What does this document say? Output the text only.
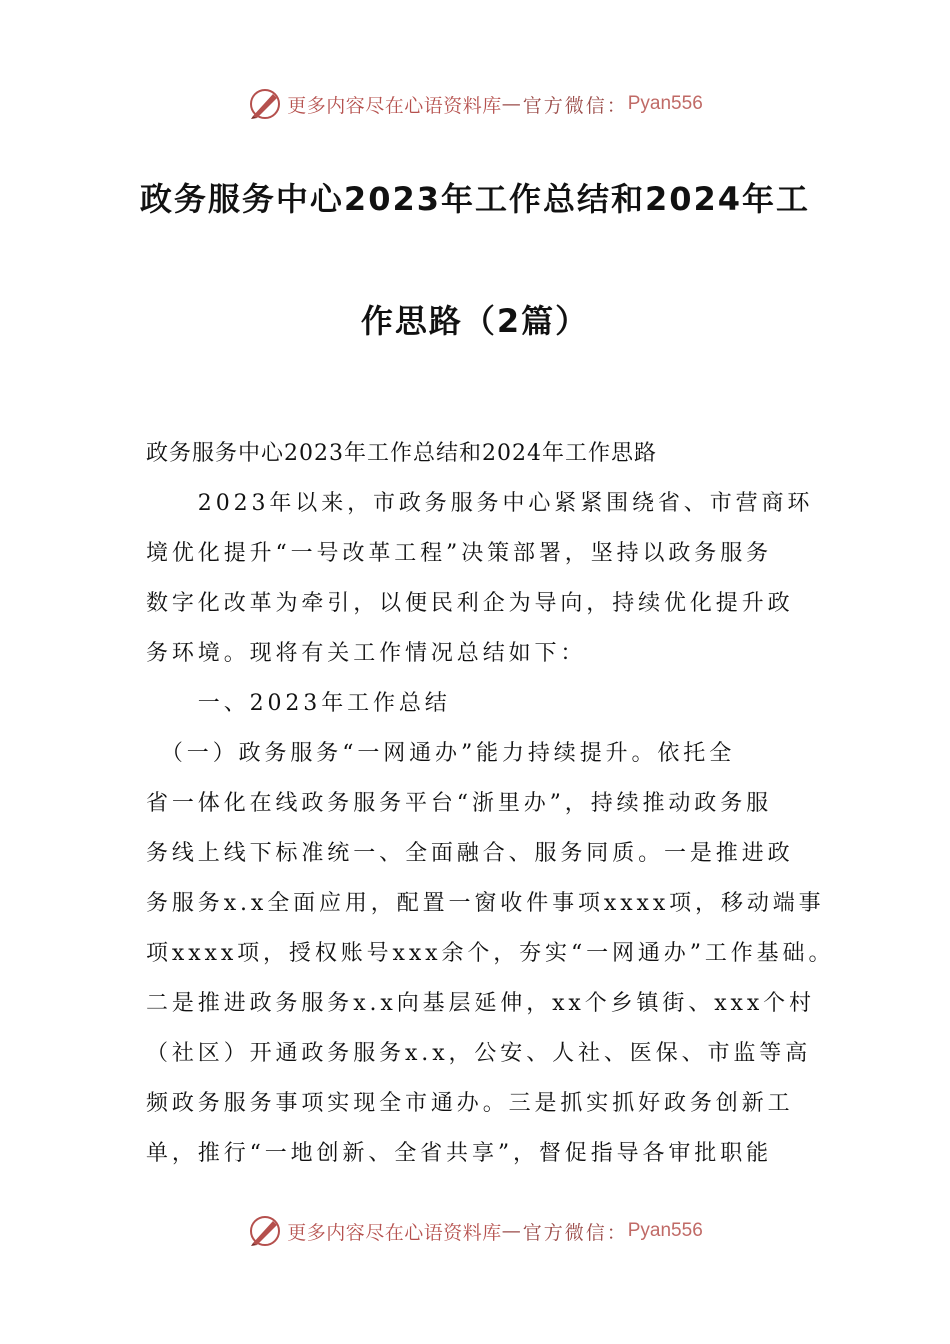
更多内容尽在心语资料库 — 官方微信： Pyan556
政务服务中心2023年工作总结和2024年工
作思路（2篇）
政务服务中心2023年工作总结和2024年工作思路
　　2023年以来，市政务服务中心紧紧围绕省、市营商环
境优化提升“一号改革工程”决策部署，坚持以政务服务
数字化改革为牵引，以便民利企为导向，持续优化提升政
务环境。现将有关工作情况总结如下：
　　一、2023年工作总结
　（一）政务服务“一网通办”能力持续提升。依托全
省一体化在线政务服务平台“浙里办”，持续推动政务服
务线上线下标准统一、全面融合、服务同质。一是推进政
务服务x.x全面应用，配置一窗收件事项xxxx项，移动端事
项xxxx项，授权账号xxx余个，夯实“一网通办”工作基础。
二是推进政务服务x.x向基层延伸，xx个乡镇街、xxx个村
（社区）开通政务服务x.x，公安、人社、医保、市监等高
频政务服务事项实现全市通办。三是抓实抓好政务创新工
单，推行“一地创新、全省共享”，督促指导各审批职能
更多内容尽在心语资料库 — 官方微信： Pyan556
